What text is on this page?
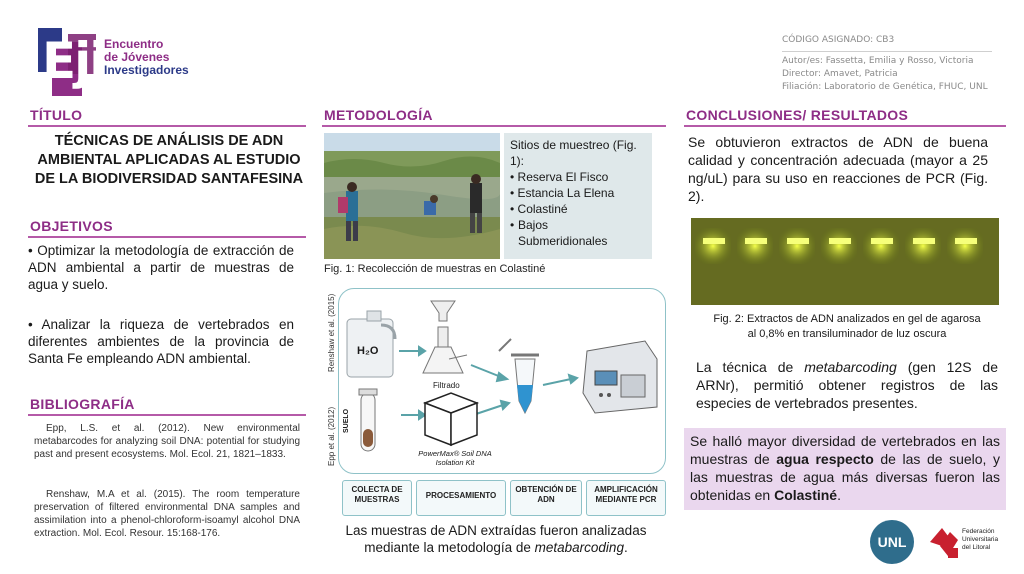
Eji Encuentro
de Jóvenes
Investigadores
CÓDIGO ASIGNADO: CB3
Autor/es: Fassetta, Emilia y Rosso, Victoria
Director: Amavet, Patricia
Filiación: Laboratorio de Genética, FHUC, UNL
TÍTULO
TÉCNICAS DE ANÁLISIS DE ADN AMBIENTAL APLICADAS AL ESTUDIO DE LA BIODIVERSIDAD SANTAFESINA
OBJETIVOS
• Optimizar la metodología de extracción de ADN ambiental a partir de muestras de agua y suelo.
• Analizar la riqueza de vertebrados en diferentes ambientes de la provincia de Santa Fe empleando ADN ambiental.
BIBLIOGRAFÍA
Epp, L.S. et al. (2012). New environmental metabarcodes for analyzing soil DNA: potential for studying past and present ecosystems. Mol. Ecol. 21, 1821–1833.
Renshaw, M.A et al. (2015). The room temperature preservation of filtered environmental DNA samples and assimilation into a phenol-chloroform-isoamyl alcohol DNA extraction. Mol. Ecol. Resour. 15:168-176.
METODOLOGÍA
Sitios de muestreo (Fig. 1):
• Reserva El Fisco
• Estancia La Elena
• Colastiné
• Bajos Submeridionales
Fig. 1: Recolección de muestras en Colastiné
H₂O
Filtrado
SUELO
PowerMax® Soil DNA Isolation Kit
Renshaw et al. (2015)
Epp et al. (2012)
COLECTA DE MUESTRAS	PROCESAMIENTO
OBTENCIÓN DE ADN
AMPLIFICACIÓN MEDIANTE PCR
Las muestras de ADN extraídas fueron analizadas mediante la metodología de metabarcoding.
CONCLUSIONES/ RESULTADOS
Se obtuvieron extractos de ADN de buena calidad y concentración adecuada (mayor a 25 ng/uL) para su uso en reacciones de PCR (Fig. 2).
Fig. 2: Extractos de ADN analizados en gel de agarosa al 0,8% en transiluminador de luz oscura
La técnica de metabarcoding (gen 12S de ARNr), permitió obtener registros de las especies de vertebrados presentes.
Se halló mayor diversidad de vertebrados en las muestras de agua respecto de las de suelo, y las muestras de agua más diversas fueron las obtenidas en Colastiné.
UNL
Federación
Universitaria
del Litoral
